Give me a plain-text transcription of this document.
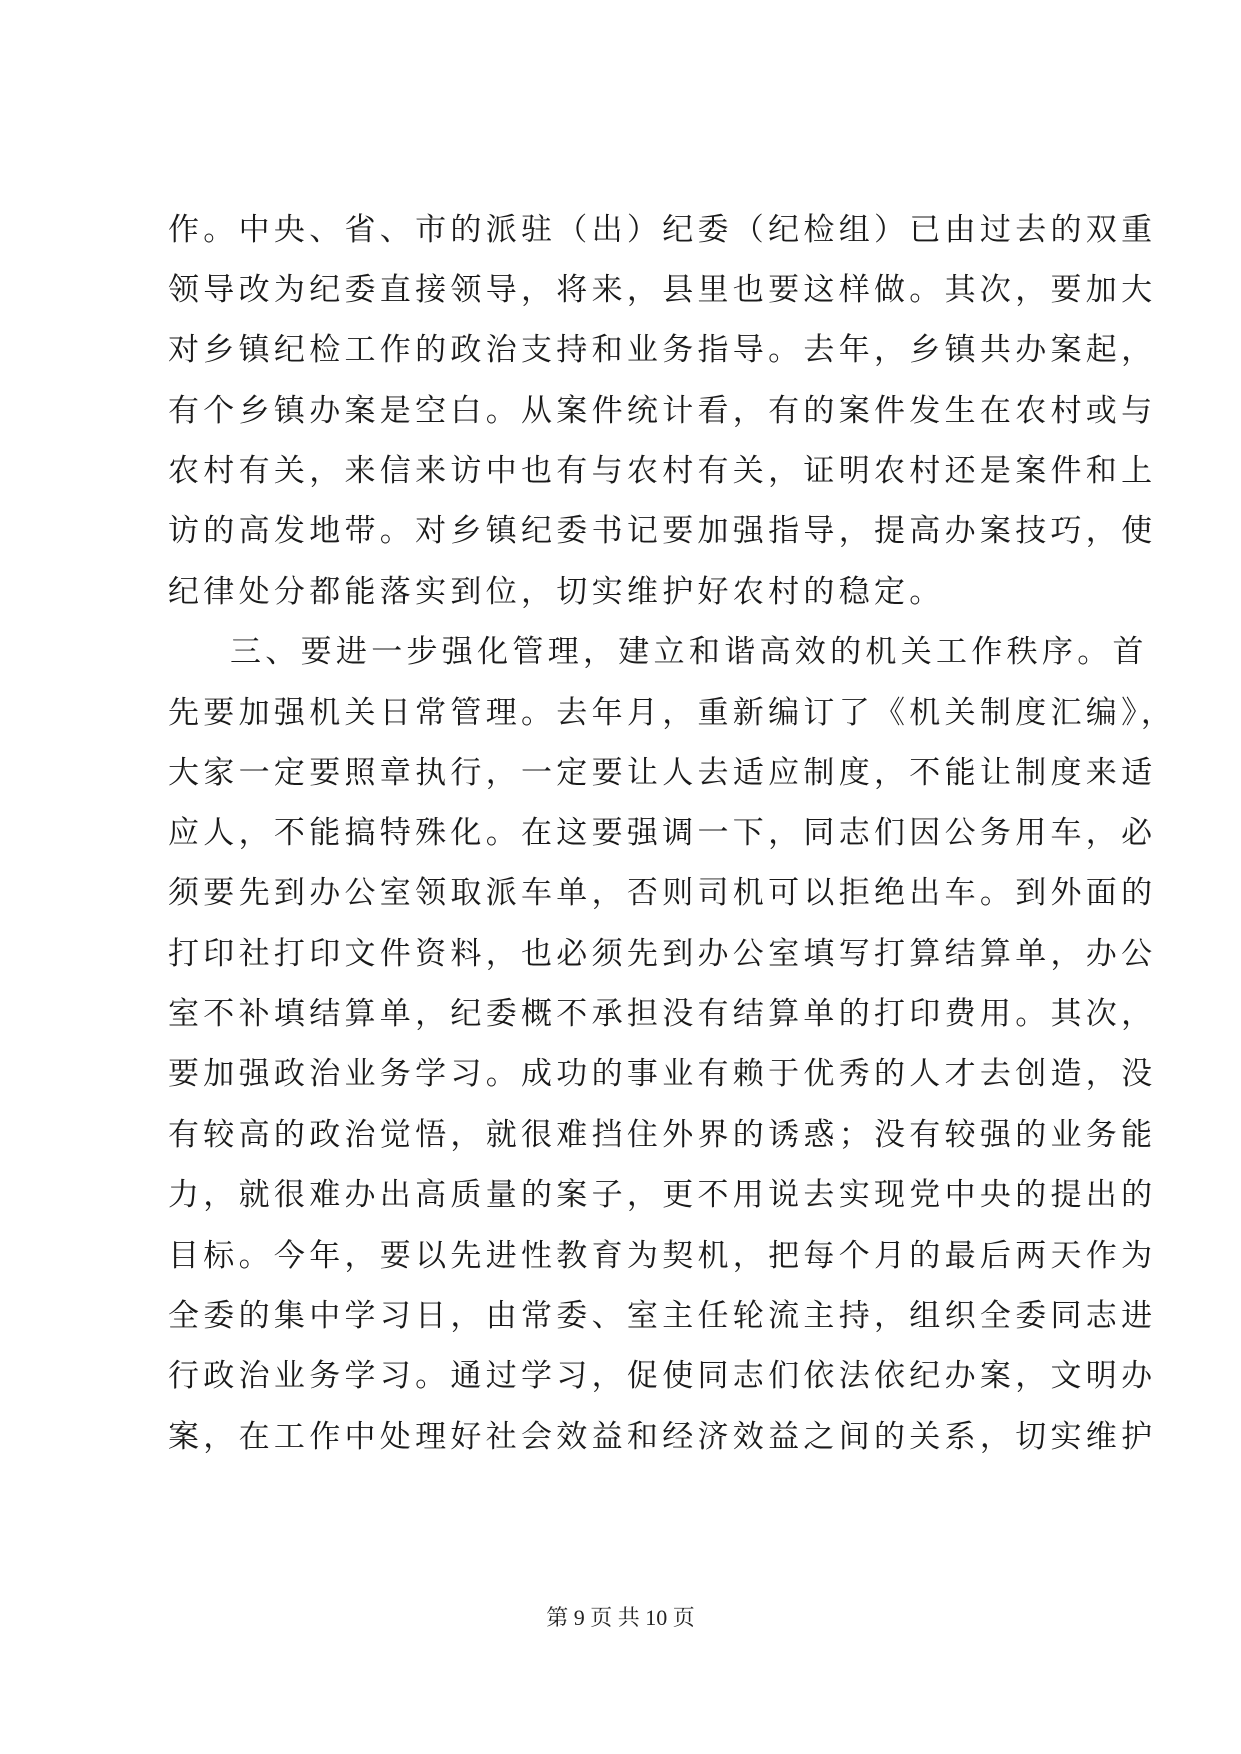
作。中央、省、市的派驻（出）纪委（纪检组）已由过去的双重
领导改为纪委直接领导，将来，县里也要这样做。其次，要加大
对乡镇纪检工作的政治支持和业务指导。去年，乡镇共办案起，
有个乡镇办案是空白。从案件统计看，有的案件发生在农村或与
农村有关，来信来访中也有与农村有关，证明农村还是案件和上
访的高发地带。对乡镇纪委书记要加强指导，提高办案技巧，使
纪律处分都能落实到位，切实维护好农村的稳定。
三、要进一步强化管理，建立和谐高效的机关工作秩序。首
先要加强机关日常管理。去年月，重新编订了《机关制度汇编》，
大家一定要照章执行，一定要让人去适应制度，不能让制度来适
应人，不能搞特殊化。在这要强调一下，同志们因公务用车，必
须要先到办公室领取派车单，否则司机可以拒绝出车。到外面的
打印社打印文件资料，也必须先到办公室填写打算结算单，办公
室不补填结算单，纪委概不承担没有结算单的打印费用。其次，
要加强政治业务学习。成功的事业有赖于优秀的人才去创造，没
有较高的政治觉悟，就很难挡住外界的诱惑；没有较强的业务能
力，就很难办出高质量的案子，更不用说去实现党中央的提出的
目标。今年，要以先进性教育为契机，把每个月的最后两天作为
全委的集中学习日，由常委、室主任轮流主持，组织全委同志进
行政治业务学习。通过学习，促使同志们依法依纪办案，文明办
案，在工作中处理好社会效益和经济效益之间的关系，切实维护
第 9 页 共 10 页
